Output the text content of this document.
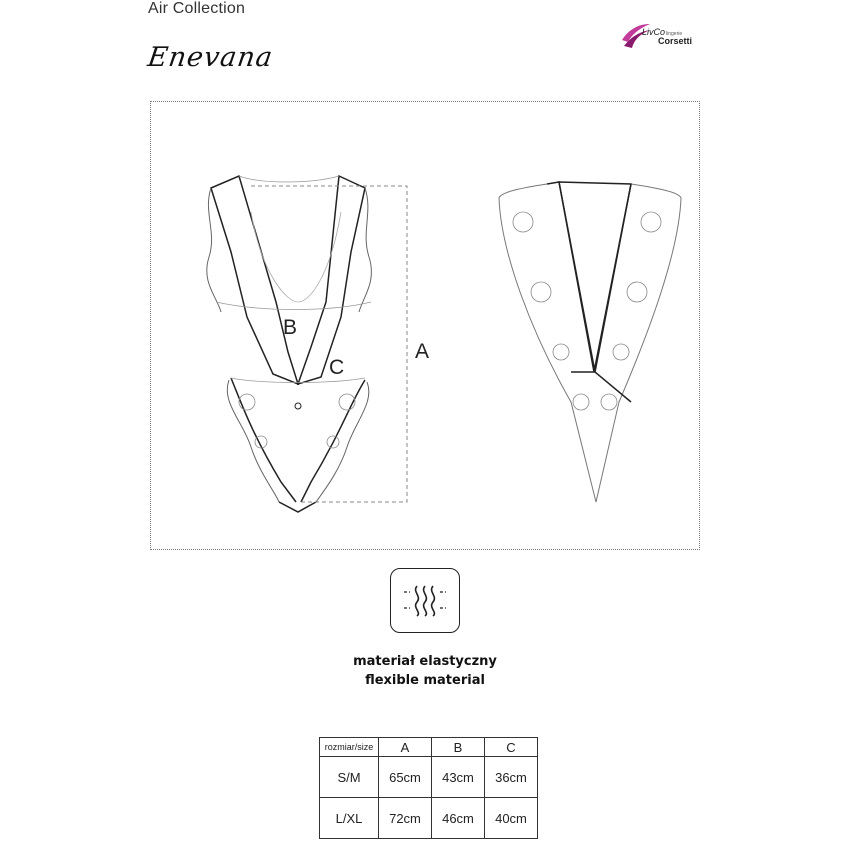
Air Collection
Enevana
LivCo lingerie
Corsetti
A
B
C
materiał elastyczny
flexible material
rozmiar/size	A	B	C
S/M	65cm	43cm	36cm
L/XL	72cm	46cm	40cm
